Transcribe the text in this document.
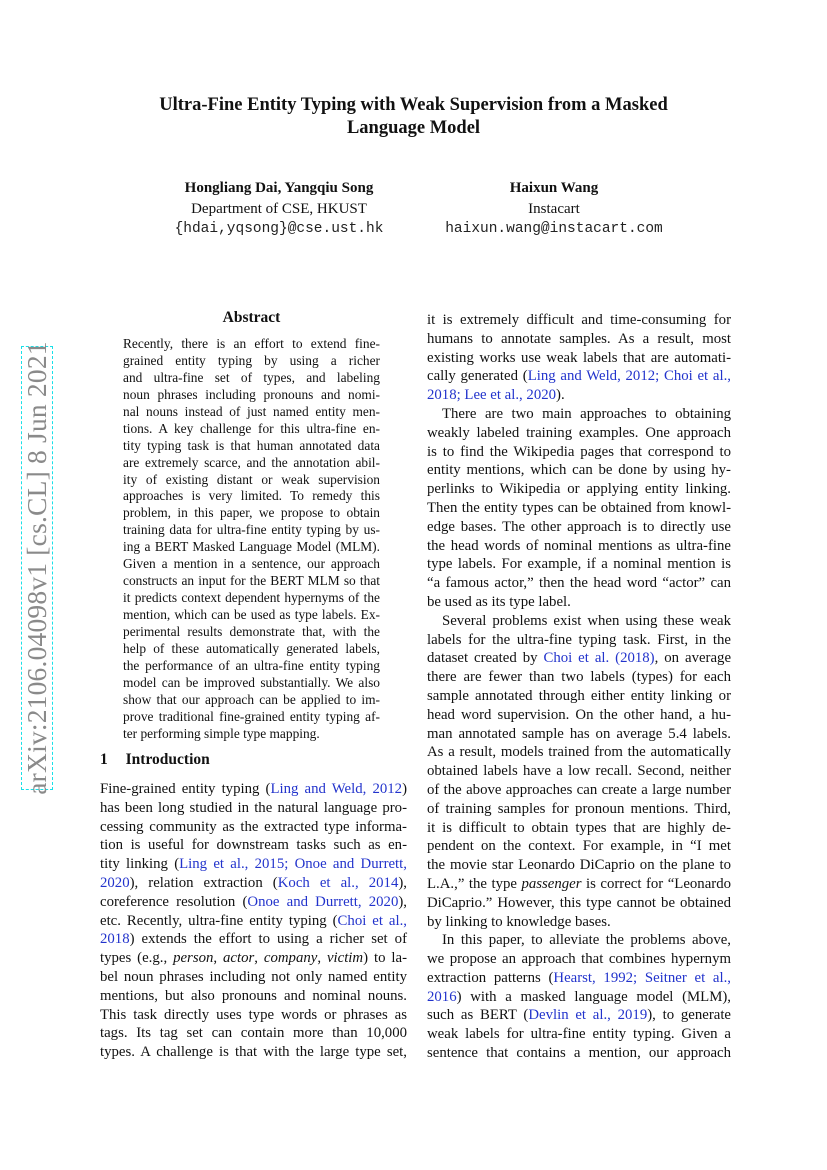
arXiv:2106.04098v1 [cs.CL] 8 Jun 2021
Ultra-Fine Entity Typing with Weak Supervision from a Masked
Language Model
Hongliang Dai, Yangqiu Song
Department of CSE, HKUST
{hdai,yqsong}@cse.ust.hk
Haixun Wang
Instacart
haixun.wang@instacart.com
Abstract
Recently, there is an effort to extend fine-
grained entity typing by using a richer
and ultra-fine set of types, and labeling
noun phrases including pronouns and nomi-
nal nouns instead of just named entity men-
tions. A key challenge for this ultra-fine en-
tity typing task is that human annotated data
are extremely scarce, and the annotation abil-
ity of existing distant or weak supervision
approaches is very limited. To remedy this
problem, in this paper, we propose to obtain
training data for ultra-fine entity typing by us-
ing a BERT Masked Language Model (MLM).
Given a mention in a sentence, our approach
constructs an input for the BERT MLM so that
it predicts context dependent hypernyms of the
mention, which can be used as type labels. Ex-
perimental results demonstrate that, with the
help of these automatically generated labels,
the performance of an ultra-fine entity typing
model can be improved substantially. We also
show that our approach can be applied to im-
prove traditional fine-grained entity typing af-
ter performing simple type mapping.
1 Introduction
Fine-grained entity typing (Ling and Weld, 2012)
has been long studied in the natural language pro-
cessing community as the extracted type informa-
tion is useful for downstream tasks such as en-
tity linking (Ling et al., 2015; Onoe and Durrett,
2020), relation extraction (Koch et al., 2014),
coreference resolution (Onoe and Durrett, 2020),
etc. Recently, ultra-fine entity typing (Choi et al.,
2018) extends the effort to using a richer set of
types (e.g., person, actor, company, victim) to la-
bel noun phrases including not only named entity
mentions, but also pronouns and nominal nouns.
This task directly uses type words or phrases as
tags. Its tag set can contain more than 10,000
types. A challenge is that with the large type set,
it is extremely difficult and time-consuming for
humans to annotate samples. As a result, most
existing works use weak labels that are automati-
cally generated (Ling and Weld, 2012; Choi et al.,
2018; Lee et al., 2020).
There are two main approaches to obtaining
weakly labeled training examples. One approach
is to find the Wikipedia pages that correspond to
entity mentions, which can be done by using hy-
perlinks to Wikipedia or applying entity linking.
Then the entity types can be obtained from knowl-
edge bases. The other approach is to directly use
the head words of nominal mentions as ultra-fine
type labels. For example, if a nominal mention is
“a famous actor,” then the head word “actor” can
be used as its type label.
Several problems exist when using these weak
labels for the ultra-fine typing task. First, in the
dataset created by Choi et al. (2018), on average
there are fewer than two labels (types) for each
sample annotated through either entity linking or
head word supervision. On the other hand, a hu-
man annotated sample has on average 5.4 labels.
As a result, models trained from the automatically
obtained labels have a low recall. Second, neither
of the above approaches can create a large number
of training samples for pronoun mentions. Third,
it is difficult to obtain types that are highly de-
pendent on the context. For example, in “I met
the movie star Leonardo DiCaprio on the plane to
L.A.,” the type passenger is correct for “Leonardo
DiCaprio.” However, this type cannot be obtained
by linking to knowledge bases.
In this paper, to alleviate the problems above,
we propose an approach that combines hypernym
extraction patterns (Hearst, 1992; Seitner et al.,
2016) with a masked language model (MLM),
such as BERT (Devlin et al., 2019), to generate
weak labels for ultra-fine entity typing. Given a
sentence that contains a mention, our approach
